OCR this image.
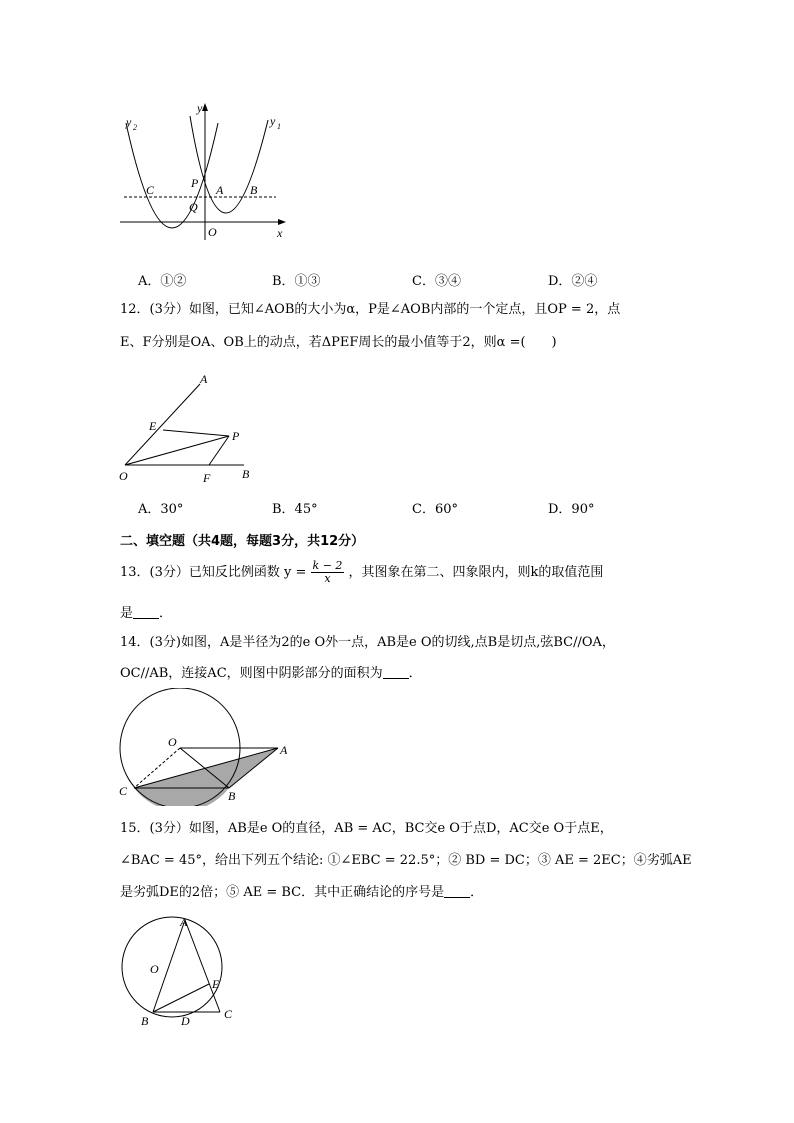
y
x
y 2	y 1
C	P A B
Q
O
A．①②	B．①③	C．③④	D．②④
12．(3分）如图，已知∠AOB的大小为α，P是∠AOB内部的一个定点，且OP = 2，点
E、F分别是OA、OB上的动点，若ΔPEF周长的最小值等于2，则α =(　　)
A
E
P
O	F	B
A．30°	B．45°	C．60°	D．90°
二、填空题（共4题，每题3分，共12分）
13．(3分）已知反比例函数 $y = \frac{k - 2}{x}$ ，其图象在第二、四象限内，则k的取值范围
是 ．
14．(3分)如图，A是半径为2的e O外一点，AB是e O的切线,点B是切点,弦BC//OA，
OC//AB，连接AC，则图中阴影部分的面积为 ．
O
A
C	B
15．(3分）如图，AB是e O的直径，AB = AC，BC交e O于点D，AC交e O于点E，
∠BAC = 45°，给出下列五个结论: ①∠EBC = 22.5°；② BD = DC；③ AE = 2EC；④劣弧AE
是劣弧DE的2倍；⑤ AE = BC．其中正确结论的序号是 ．
A
O
E
B	D	C
